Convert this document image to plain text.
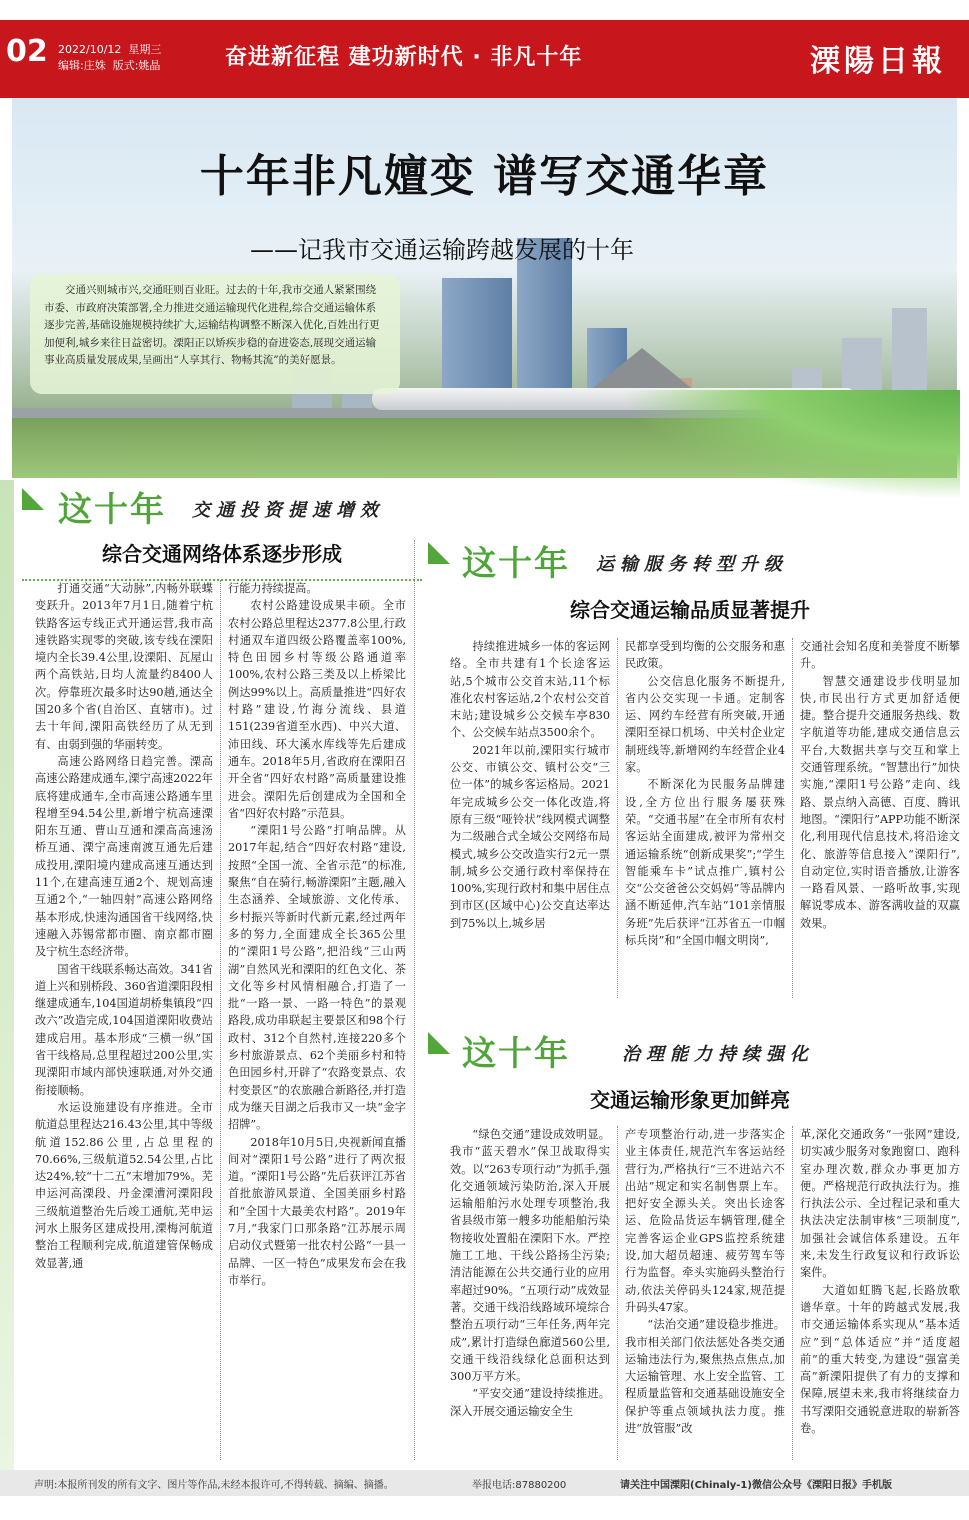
02 2022/10/12 星期三
编辑:庄姝 版式:姚晶	奋进新征程 建功新时代 · 非凡十年	溧陽日報
十年非凡嬗变 谱写交通华章
——记我市交通运输跨越发展的十年
交通兴则城市兴,交通旺则百业旺。过去的十年,我市交通人紧紧围绕市委、市政府决策部署,全力推进交通运输现代化进程,综合交通运输体系逐步完善,基础设施规模持续扩大,运输结构调整不断深入优化,百姓出行更加便利,城乡来往日益密切。溧阳正以矫疾步稳的奋进姿态,展现交通运输事业高质量发展成果,呈画出“人享其行、物畅其流”的美好愿景。
这十年 交通投资提速增效
综合交通网络体系逐步形成

打通交通“大动脉”,内畅外联蝶变跃升。2013年7月1日,随着宁杭铁路客运专线正式开通运营,我市高速铁路实现零的突破,该专线在溧阳境内全长39.4公里,设溧阳、瓦屋山两个高铁站,日均人流量约8400人次。停靠班次最多时达90趟,通达全国20多个省(自治区、直辖市)。过去十年间,溧阳高铁经历了从无到有、由弱到强的华丽转变。

高速公路网络日趋完善。溧高高速公路建成通车,溧宁高速2022年底将建成通车,全市高速公路通车里程增至94.54公里,新增宁杭高速溧阳东互通、曹山互通和溧高高速汤桥互通、溧宁高速南渡互通先后建成投用,溧阳境内建成高速互通达到11个,在建高速互通2个、规划高速互通2个,“一轴四射”高速公路网络基本形成,快速沟通国省干线网络,快速融入苏锡常都市圈、南京都市圈及宁杭生态经济带。

国省干线联系畅达高效。341省道上兴和别桥段、360省道溧阳段相继建成通车,104国道胡桥集镇段“四改六”改造完成,104国道溧阳收费站建成启用。基本形成“三横一纵”国省干线格局,总里程超过200公里,实现溧阳市域内部快速联通,对外交通衔接顺畅。

水运设施建设有序推进。全市航道总里程达216.43公里,其中等级航道152.86公里,占总里程的70.66%,三级航道52.54公里,占比达24%,较“十二五”末增加79%。芜申运河高溧段、丹金溧漕河溧阳段三级航道整治先后竣工通航,芜申运河水上服务区建成投用,溧梅河航道整治工程顺利完成,航道建管保畅成效显著,通

行能力持续提高。

农村公路建设成果丰硕。全市农村公路总里程达2377.8公里,行政村通双车道四级公路覆盖率100%,特色田园乡村等级公路通道率100%,农村公路三类及以上桥梁比例达99%以上。高质量推进“四好农村路”建设,竹海分流线、县道151(239省道至水西)、中兴大道、沛田线、环大溪水库线等先后建成通车。2018年5月,省政府在溧阳召开全省“四好农村路”高质量建设推进会。溧阳先后创建成为全国和全省“四好农村路”示范县。

“溧阳1号公路”打响品牌。从2017年起,结合“四好农村路”建设,按照“全国一流、全省示范”的标准,聚焦“自在骑行,畅游溧阳”主题,融入生态涵养、全域旅游、文化传承、乡村振兴等新时代新元素,经过两年多的努力,全面建成全长365公里的“溧阳1号公路”,把沿线“三山两湖”自然风光和溧阳的红色文化、茶文化等乡村风情相融合,打造了一批“一路一景、一路一特色”的景观路段,成功串联起主要景区和98个行政村、312个自然村,连接220多个乡村旅游景点、62个美丽乡村和特色田园乡村,开辟了“农路变景点、农村变景区”的农旅融合新路径,并打造成为继天目湖之后我市又一块“金字招牌”。

2018年10月5日,央视新闻直播间对“溧阳1号公路”进行了两次报道。“溧阳1号公路”先后获评江苏省首批旅游风景道、全国美丽乡村路和“全国十大最美农村路”。2019年7月,“我家门口那条路”江苏展示周启动仪式暨第一批农村公路“一县一品牌、一区一特色”成果发布会在我市举行。

这十年 运输服务转型升级
综合交通运输品质显著提升

持续推进城乡一体的客运网络。全市共建有1个长途客运站,5个城市公交首末站,11个标准化农村客运站,2个农村公交首末站;建设城乡公交候车亭830个、公交候车站点3500余个。

2021年以前,溧阳实行城市公交、市镇公交、镇村公交“三位一体”的城乡客运格局。2021年完成城乡公交一体化改造,将原有三级“哑铃状”线网模式调整为二级融合式全域公交网络布局模式,城乡公交改造实行2元一票制,城乡公交通行政村率保持在100%,实现行政村和集中居住点到市区(区域中心)公交直达率达到75%以上,城乡居

民都享受到均衡的公交服务和惠民政策。

公交信息化服务不断提升,省内公交实现一卡通。定制客运、网约车经营有所突破,开通溧阳至禄口机场、中关村企业定制班线等,新增网约车经营企业4家。

不断深化为民服务品牌建设,全方位出行服务屡获殊荣。“交通书屋”在全市所有农村客运站全面建成,被评为常州交通运输系统“创新成果奖”;“学生智能乘车卡”试点推广,镇村公交“公交爸爸公交妈妈”等品牌内涵不断延伸,汽车站“101亲情服务班”先后获评“江苏省五一巾帼标兵岗”和“全国巾帼文明岗”,

交通社会知名度和美誉度不断攀升。

智慧交通建设步伐明显加快,市民出行方式更加舒适便捷。整合提升交通服务热线、数字航道等功能,建成交通信息云平台,大数据共享与交互和掌上交通管理系统。“智慧出行”加快实施,“溧阳1号公路”走向、线路、景点纳入高德、百度、腾讯地图。“溧阳行”APP功能不断深化,利用现代信息技术,将沿途文化、旅游等信息接入“溧阳行”,自动定位,实时语音播放,让游客一路看风景、一路听故事,实现解说零成本、游客满收益的双赢效果。

这十年	治理能力持续强化
交通运输形象更加鲜亮

“绿色交通”建设成效明显。我市“蓝天碧水”保卫战取得实效。以“263专项行动”为抓手,强化交通领域污染防治,深入开展运输船舶污水处理专项整治,我省县级市第一艘多功能船舶污染物接收处置船在溧阳下水。严控施工工地、干线公路扬尘污染;清洁能源在公共交通行业的应用率超过90%。“五项行动”成效显著。交通干线沿线路域环境综合整治五项行动“三年任务,两年完成”,累计打造绿色廊道560公里,交通干线沿线绿化总面积达到300万平方米。

“平安交通”建设持续推进。深入开展交通运输安全生

产专项整治行动,进一步落实企业主体责任,规范汽车客运站经营行为,严格执行“三不进站六不出站”规定和实名制售票上车。把好安全源头关。突出长途客运、危险品货运车辆管理,健全完善客运企业GPS监控系统建设,加大超员超速、疲劳驾车等行为监督。牵头实施码头整治行动,依法关停码头124家,规范提升码头47家。

“法治交通”建设稳步推进。我市相关部门依法惩处各类交通运输违法行为,聚焦热点焦点,加大运输管理、水上安全监管、工程质量监管和交通基础设施安全保护等重点领域执法力度。推进“放管服”改

革,深化交通政务“一张网”建设,切实减少服务对象跑窗口、跑科室办理次数,群众办事更加方便。严格规范行政执法行为。推行执法公示、全过程记录和重大执法决定法制审核“三项制度”,加强社会诚信体系建设。五年来,未发生行政复议和行政诉讼案件。

大道如虹腾飞起,长路放歌谱华章。十年的跨越式发展,我市交通运输体系实现从“基本适应”到“总体适应”并“适度超前”的重大转变,为建设“强富美高”新溧阳提供了有力的支撑和保障,展望未来,我市将继续奋力书写溧阳交通锐意进取的崭新答卷。

声明:本报所刊发的所有文字、图片等作品,未经本报许可,不得转载、摘编、摘播。	举报电话:87880200	请关注中国溧阳(Chinaly-1)微信公众号《溧阳日报》手机版
